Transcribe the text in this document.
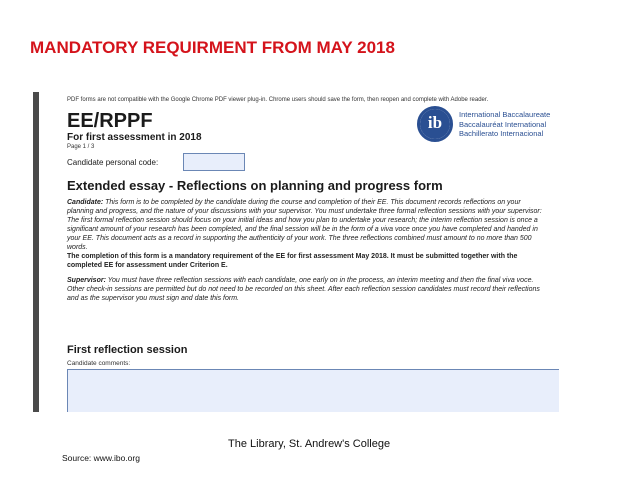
MANDATORY REQUIRMENT FROM MAY 2018
PDF forms are not compatible with the Google Chrome PDF viewer plug-in. Chrome users should save the form, then reopen and complete with Adobe reader.
EE/RPPF
For first assessment in 2018
Page 1 / 3
Candidate personal code:
ib	International Baccalaureate
Baccalauréat International
Bachillerato Internacional
Extended essay - Reflections on planning and progress form
Candidate: This form is to be completed by the candidate during the course and completion of their EE. This document records reflections on your planning and progress, and the nature of your discussions with your supervisor. You must undertake three formal reflection sessions with your supervisor: The first formal reflection session should focus on your initial ideas and how you plan to undertake your research; the interim reflection session is once a significant amount of your research has been completed, and the final session will be in the form of a viva voce once you have completed and handed in your EE. This document acts as a record in supporting the authenticity of your work. The three reflections combined must amount to no more than 500 words.
The completion of this form is a mandatory requirement of the EE for first assessment May 2018. It must be submitted together with the completed EE for assessment under Criterion E.
Supervisor: You must have three reflection sessions with each candidate, one early on in the process, an interim meeting and then the final viva voce. Other check-in sessions are permitted but do not need to be recorded on this sheet. After each reflection session candidates must record their reflections and as the supervisor you must sign and date this form.
First reflection session
Candidate comments:
The Library, St. Andrew's College
Source: www.ibo.org
